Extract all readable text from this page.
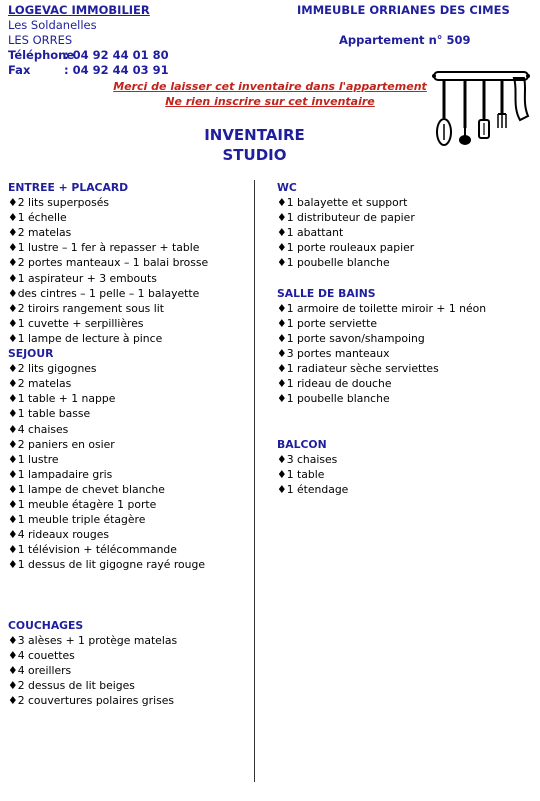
LOGEVAC IMMOBILIER
Les Soldanelles
LES ORRES
Téléphone: 04 92 44 01 80
Fax	: 04 92 44 03 91
IMMEUBLE ORRIANES DES CIMES
Appartement n° 509
Merci de laisser cet inventaire dans l'appartement
Ne rien inscrire sur cet inventaire
INVENTAIRE
STUDIO
ENTREE + PLACARD
♦2 lits superposés
♦1 échelle
♦2 matelas
♦1 lustre – 1 fer à repasser + table
♦2 portes manteaux – 1 balai brosse
♦1 aspirateur + 3 embouts
♦des cintres – 1 pelle – 1 balayette
♦2 tiroirs rangement sous lit
♦1 cuvette + serpillières
♦1 lampe de lecture à pince
SEJOUR
♦2 lits gigognes
♦2 matelas
♦1 table + 1 nappe
♦1 table basse
♦4 chaises
♦2 paniers en osier
♦1 lustre
♦1 lampadaire gris
♦1 lampe de chevet blanche
♦1 meuble étagère 1 porte
♦1 meuble triple étagère
♦4 rideaux rouges
♦1 télévision + télécommande
♦1 dessus de lit gigogne rayé rouge
COUCHAGES
♦3 alèses + 1 protège matelas
♦4 couettes
♦4 oreillers
♦2 dessus de lit beiges
♦2 couvertures polaires grises
WC
♦1 balayette et support
♦1 distributeur de papier
♦1 abattant
♦1 porte rouleaux papier
♦1 poubelle blanche
SALLE DE BAINS
♦1 armoire de toilette miroir + 1 néon
♦1 porte serviette
♦1 porte savon/shampoing
♦3 portes manteaux
♦1 radiateur sèche serviettes
♦1 rideau de douche
♦1 poubelle blanche
BALCON
♦3 chaises
♦1 table
♦1 étendage
